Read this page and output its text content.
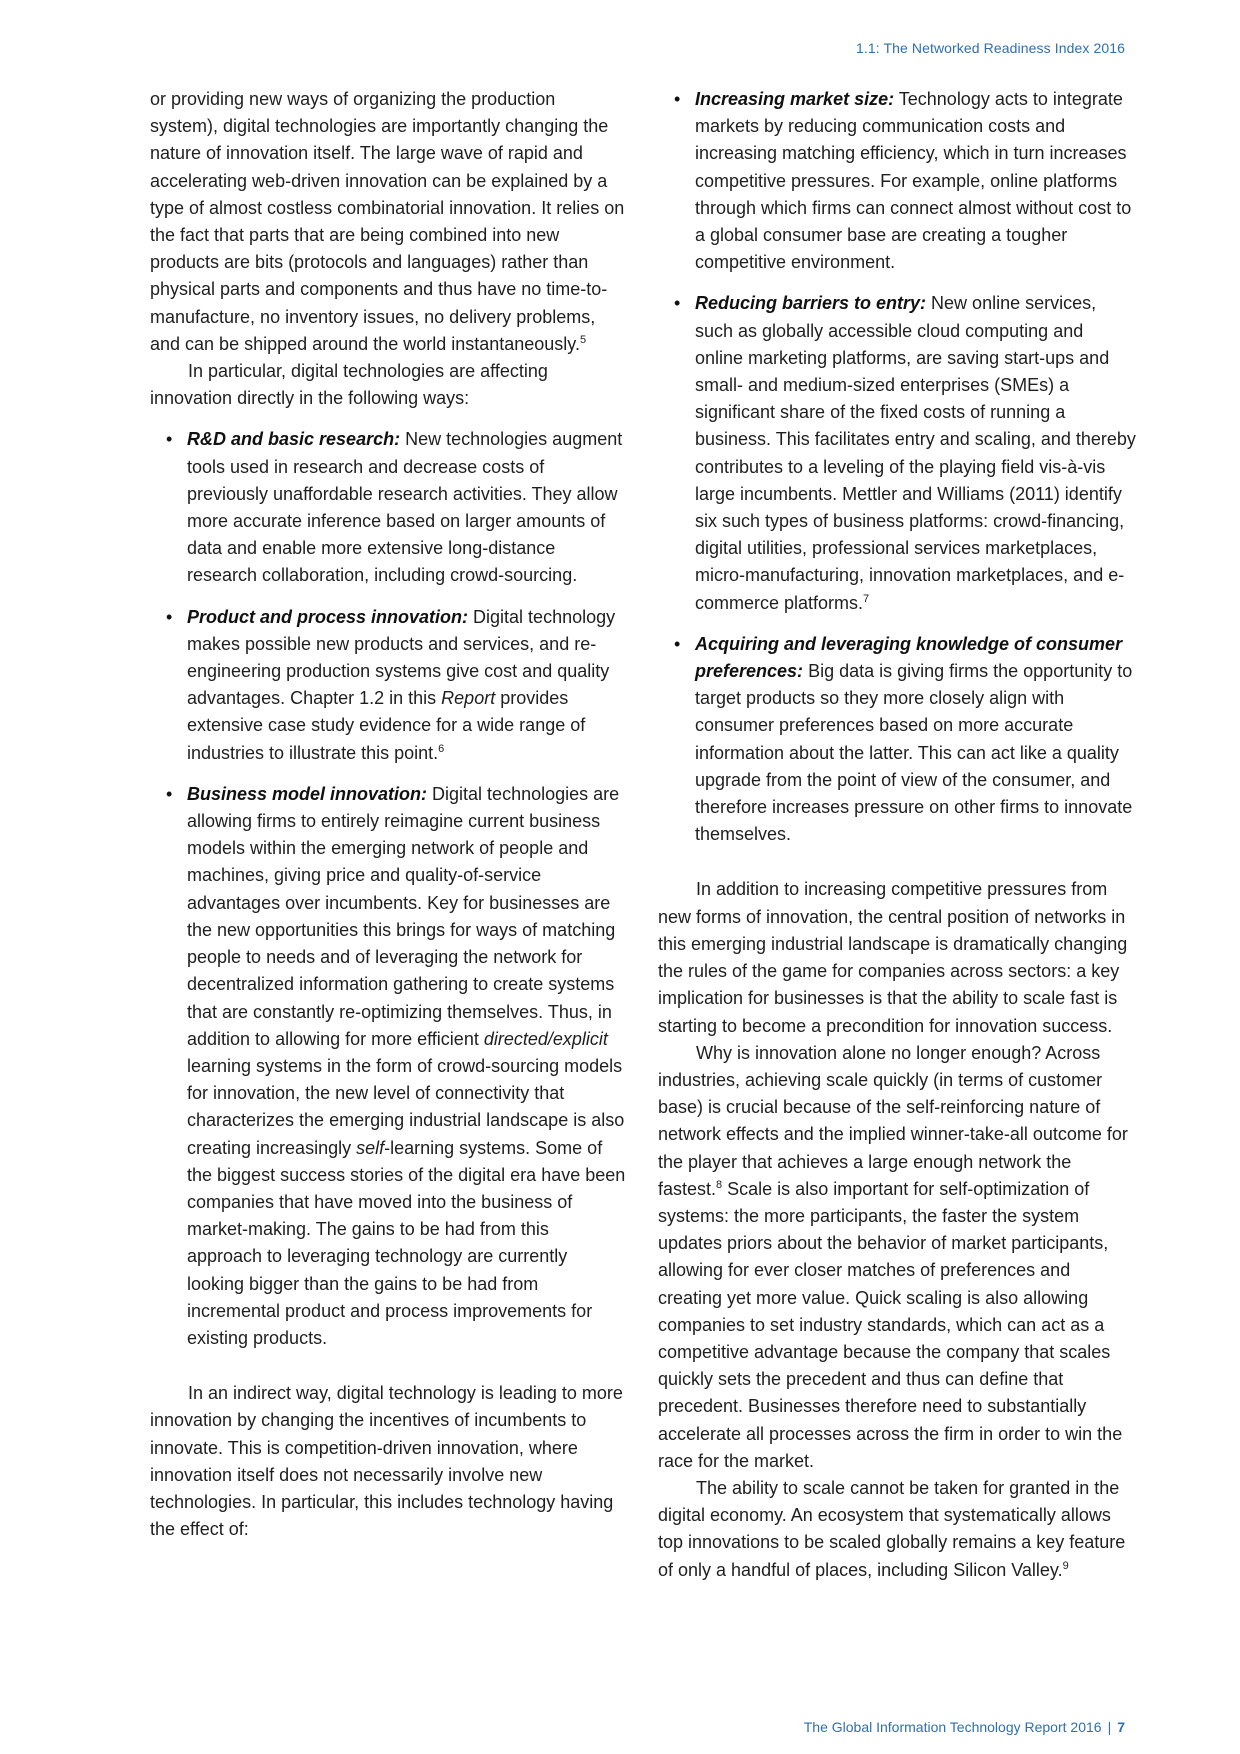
1.1: The Networked Readiness Index 2016

or providing new ways of organizing the production system), digital technologies are importantly changing the nature of innovation itself. The large wave of rapid and accelerating web-driven innovation can be explained by a type of almost costless combinatorial innovation. It relies on the fact that parts that are being combined into new products are bits (protocols and languages) rather than physical parts and components and thus have no time-to-manufacture, no inventory issues, no delivery problems, and can be shipped around the world instantaneously.$^5$

In particular, digital technologies are affecting innovation directly in the following ways:

• R&D and basic research: New technologies augment tools used in research and decrease costs of previously unaffordable research activities. They allow more accurate inference based on larger amounts of data and enable more extensive long-distance research collaboration, including crowd-sourcing.
• Product and process innovation: Digital technology makes possible new products and services, and re-engineering production systems give cost and quality advantages. Chapter 1.2 in this Report provides extensive case study evidence for a wide range of industries to illustrate this point.$^6$
• Business model innovation: Digital technologies are allowing firms to entirely reimagine current business models within the emerging network of people and machines, giving price and quality-of-service advantages over incumbents. Key for businesses are the new opportunities this brings for ways of matching people to needs and of leveraging the network for decentralized information gathering to create systems that are constantly re-optimizing themselves. Thus, in addition to allowing for more efficient directed/explicit learning systems in the form of crowd-sourcing models for innovation, the new level of connectivity that characterizes the emerging industrial landscape is also creating increasingly self-learning systems. Some of the biggest success stories of the digital era have been companies that have moved into the business of market-making. The gains to be had from this approach to leveraging technology are currently looking bigger than the gains to be had from incremental product and process improvements for existing products.

In an indirect way, digital technology is leading to more innovation by changing the incentives of incumbents to innovate. This is competition-driven innovation, where innovation itself does not necessarily involve new technologies. In particular, this includes technology having the effect of:

• Increasing market size: Technology acts to integrate markets by reducing communication costs and increasing matching efficiency, which in turn increases competitive pressures. For example, online platforms through which firms can connect almost without cost to a global consumer base are creating a tougher competitive environment.
• Reducing barriers to entry: New online services, such as globally accessible cloud computing and online marketing platforms, are saving start-ups and small- and medium-sized enterprises (SMEs) a significant share of the fixed costs of running a business. This facilitates entry and scaling, and thereby contributes to a leveling of the playing field vis-à-vis large incumbents. Mettler and Williams (2011) identify six such types of business platforms: crowd-financing, digital utilities, professional services marketplaces, micro-manufacturing, innovation marketplaces, and e-commerce platforms.$^7$
• Acquiring and leveraging knowledge of consumer preferences: Big data is giving firms the opportunity to target products so they more closely align with consumer preferences based on more accurate information about the latter. This can act like a quality upgrade from the point of view of the consumer, and therefore increases pressure on other firms to innovate themselves.

In addition to increasing competitive pressures from new forms of innovation, the central position of networks in this emerging industrial landscape is dramatically changing the rules of the game for companies across sectors: a key implication for businesses is that the ability to scale fast is starting to become a precondition for innovation success.

Why is innovation alone no longer enough? Across industries, achieving scale quickly (in terms of customer base) is crucial because of the self-reinforcing nature of network effects and the implied winner-take-all outcome for the player that achieves a large enough network the fastest.$^8$ Scale is also important for self-optimization of systems: the more participants, the faster the system updates priors about the behavior of market participants, allowing for ever closer matches of preferences and creating yet more value. Quick scaling is also allowing companies to set industry standards, which can act as a competitive advantage because the company that scales quickly sets the precedent and thus can define that precedent. Businesses therefore need to substantially accelerate all processes across the firm in order to win the race for the market.

The ability to scale cannot be taken for granted in the digital economy. An ecosystem that systematically allows top innovations to be scaled globally remains a key feature of only a handful of places, including Silicon Valley.$^9$

The Global Information Technology Report 2016 | 7
